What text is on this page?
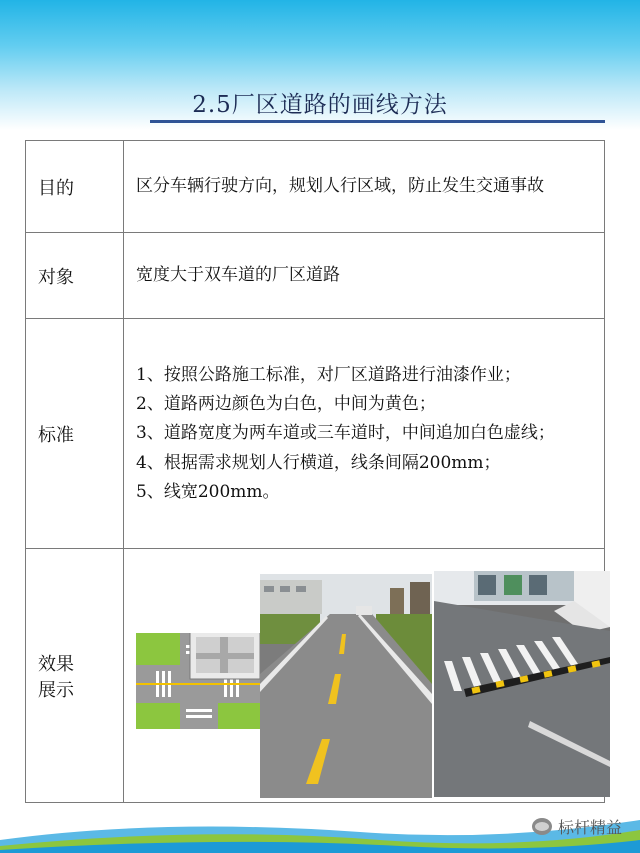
2.5厂区道路的画线方法
目的	区分车辆行驶方向，规划人行区域，防止发生交通事故
对象	宽度大于双车道的厂区道路
标准	1、按照公路施工标准，对厂区道路进行油漆作业；
2、道路两边颜色为白色，中间为黄色；
3、道路宽度为两车道或三车道时，中间追加白色虚线；
4、根据需求规划人行横道，线条间隔200mm；
5、线宽200mm。

效果
展示	
标杆精益
